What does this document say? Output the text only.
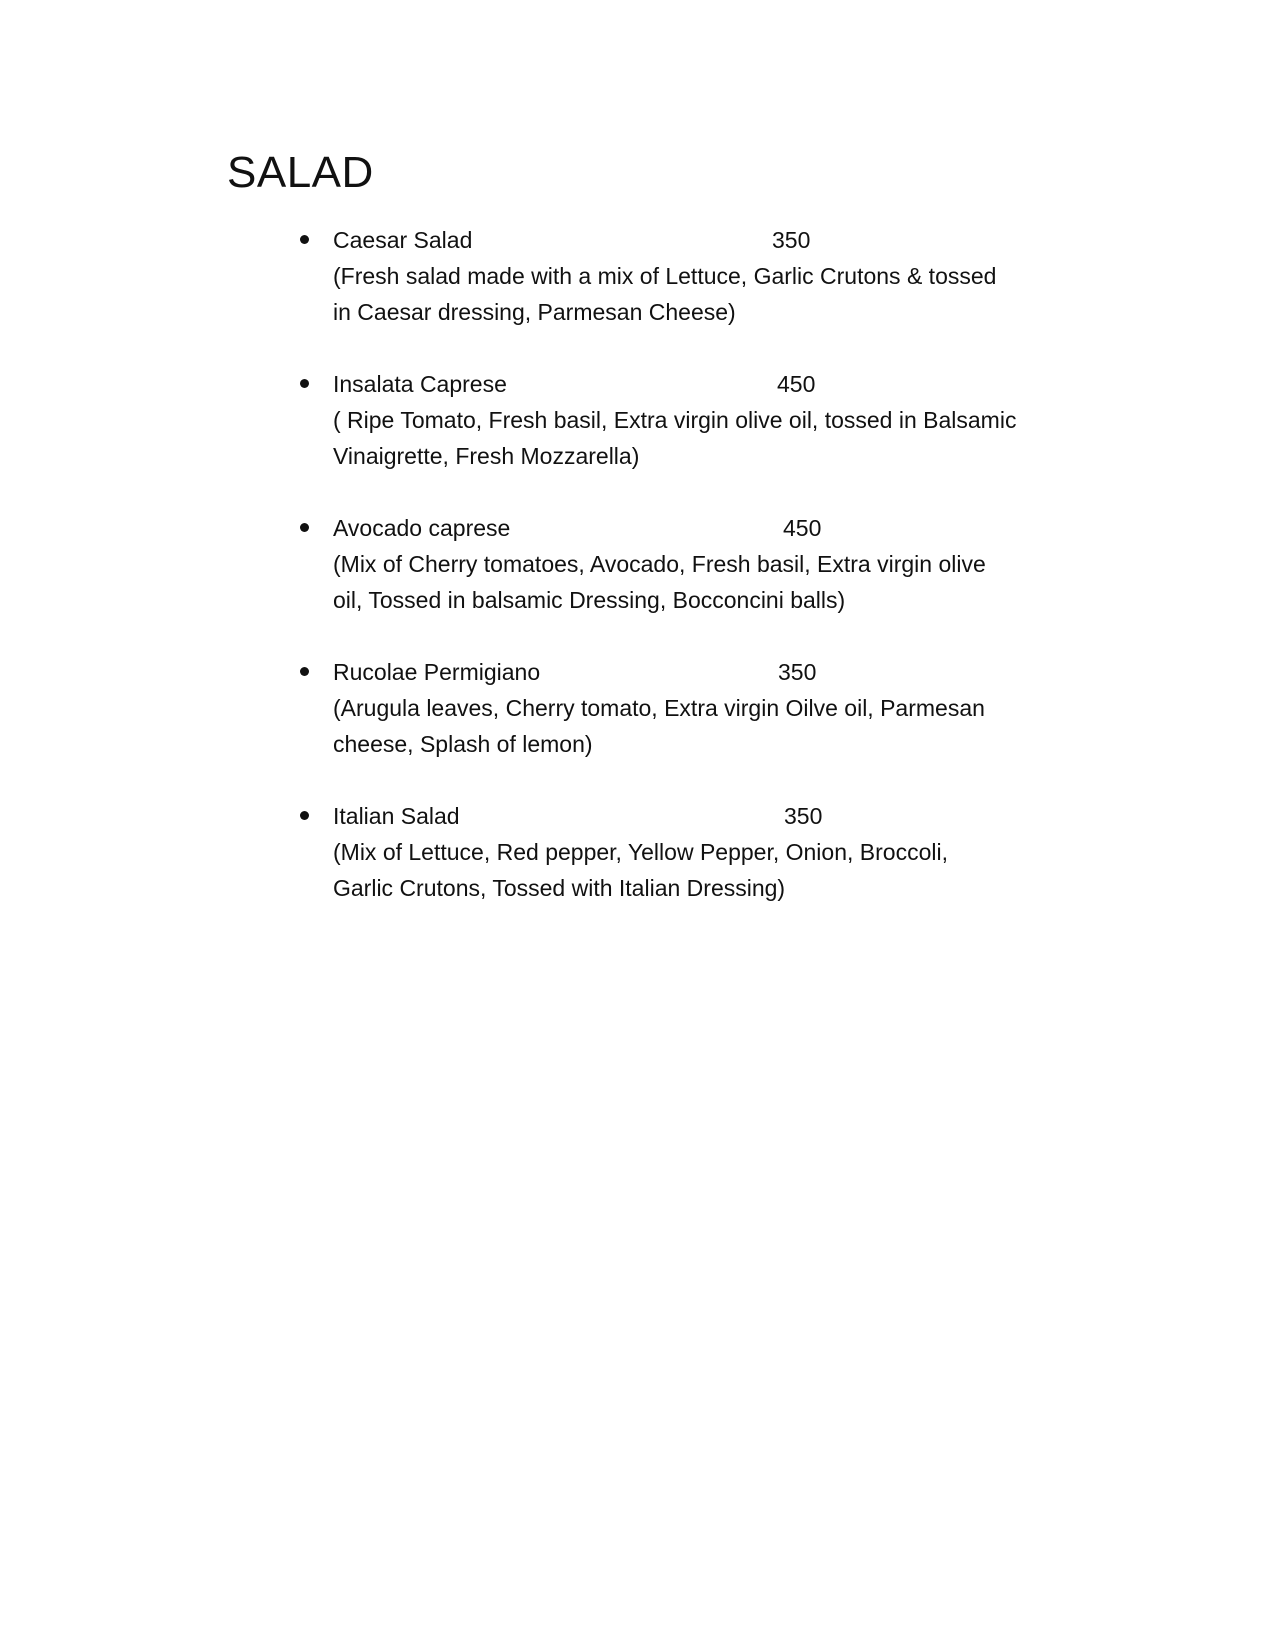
SALAD
Caesar Salad	350

(Fresh salad made with a mix of Lettuce, Garlic Crutons & tossed
in Caesar dressing, Parmesan Cheese)

Insalata Caprese	450

( Ripe Tomato, Fresh basil, Extra virgin olive oil, tossed in Balsamic
Vinaigrette, Fresh Mozzarella)

Avocado caprese	450

(Mix of Cherry tomatoes, Avocado, Fresh basil, Extra virgin olive
oil, Tossed in balsamic Dressing, Bocconcini balls)

Rucolae Permigiano	350

(Arugula leaves, Cherry tomato, Extra virgin Oilve oil, Parmesan
cheese, Splash of lemon)

Italian Salad	350

(Mix of Lettuce, Red pepper, Yellow Pepper, Onion, Broccoli,
Garlic Crutons, Tossed with Italian Dressing)
